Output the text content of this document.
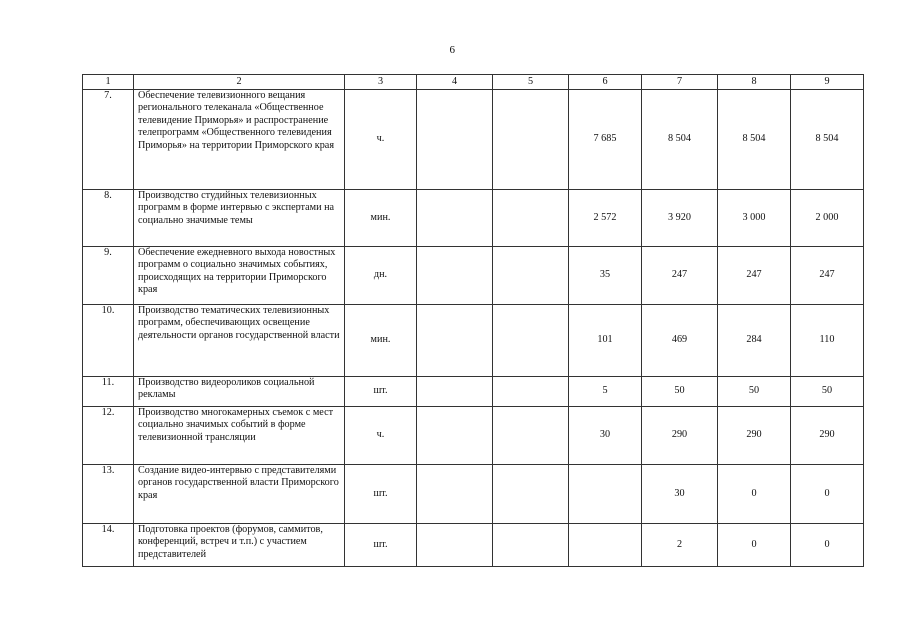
6
1	2	3	4	5	6	7	8	9
7.	Обеспечение телевизионного вещания регионального телеканала «Общественное телевидение Приморья» и распространение телепрограмм «Общественного телевидения Приморья» на территории Приморского края	ч.			7 685	8 504	8 504	8 504
8.	Производство студийных телевизионных программ в форме интервью с экспертами на социально значимые темы	мин.			2 572	3 920	3 000	2 000
9.	Обеспечение ежедневного выхода новостных программ о социально значимых событиях, происходящих на территории Приморского края	дн.			35	247	247	247
10.	Производство тематических телевизионных программ, обеспечивающих освещение деятельности органов государственной власти	мин.			101	469	284	110
11.	Производство видеороликов социальной рекламы	шт.			5	50	50	50
12.	Производство многокамерных съемок с мест социально значимых событий в форме телевизионной трансляции	ч.			30	290	290	290
13.	Создание видео-интервью с представителями органов государственной власти Приморского края	шт.				30	0	0
14.	Подготовка проектов (форумов, саммитов, конференций, встреч и т.п.) с участием представителей	шт.				2	0	0
